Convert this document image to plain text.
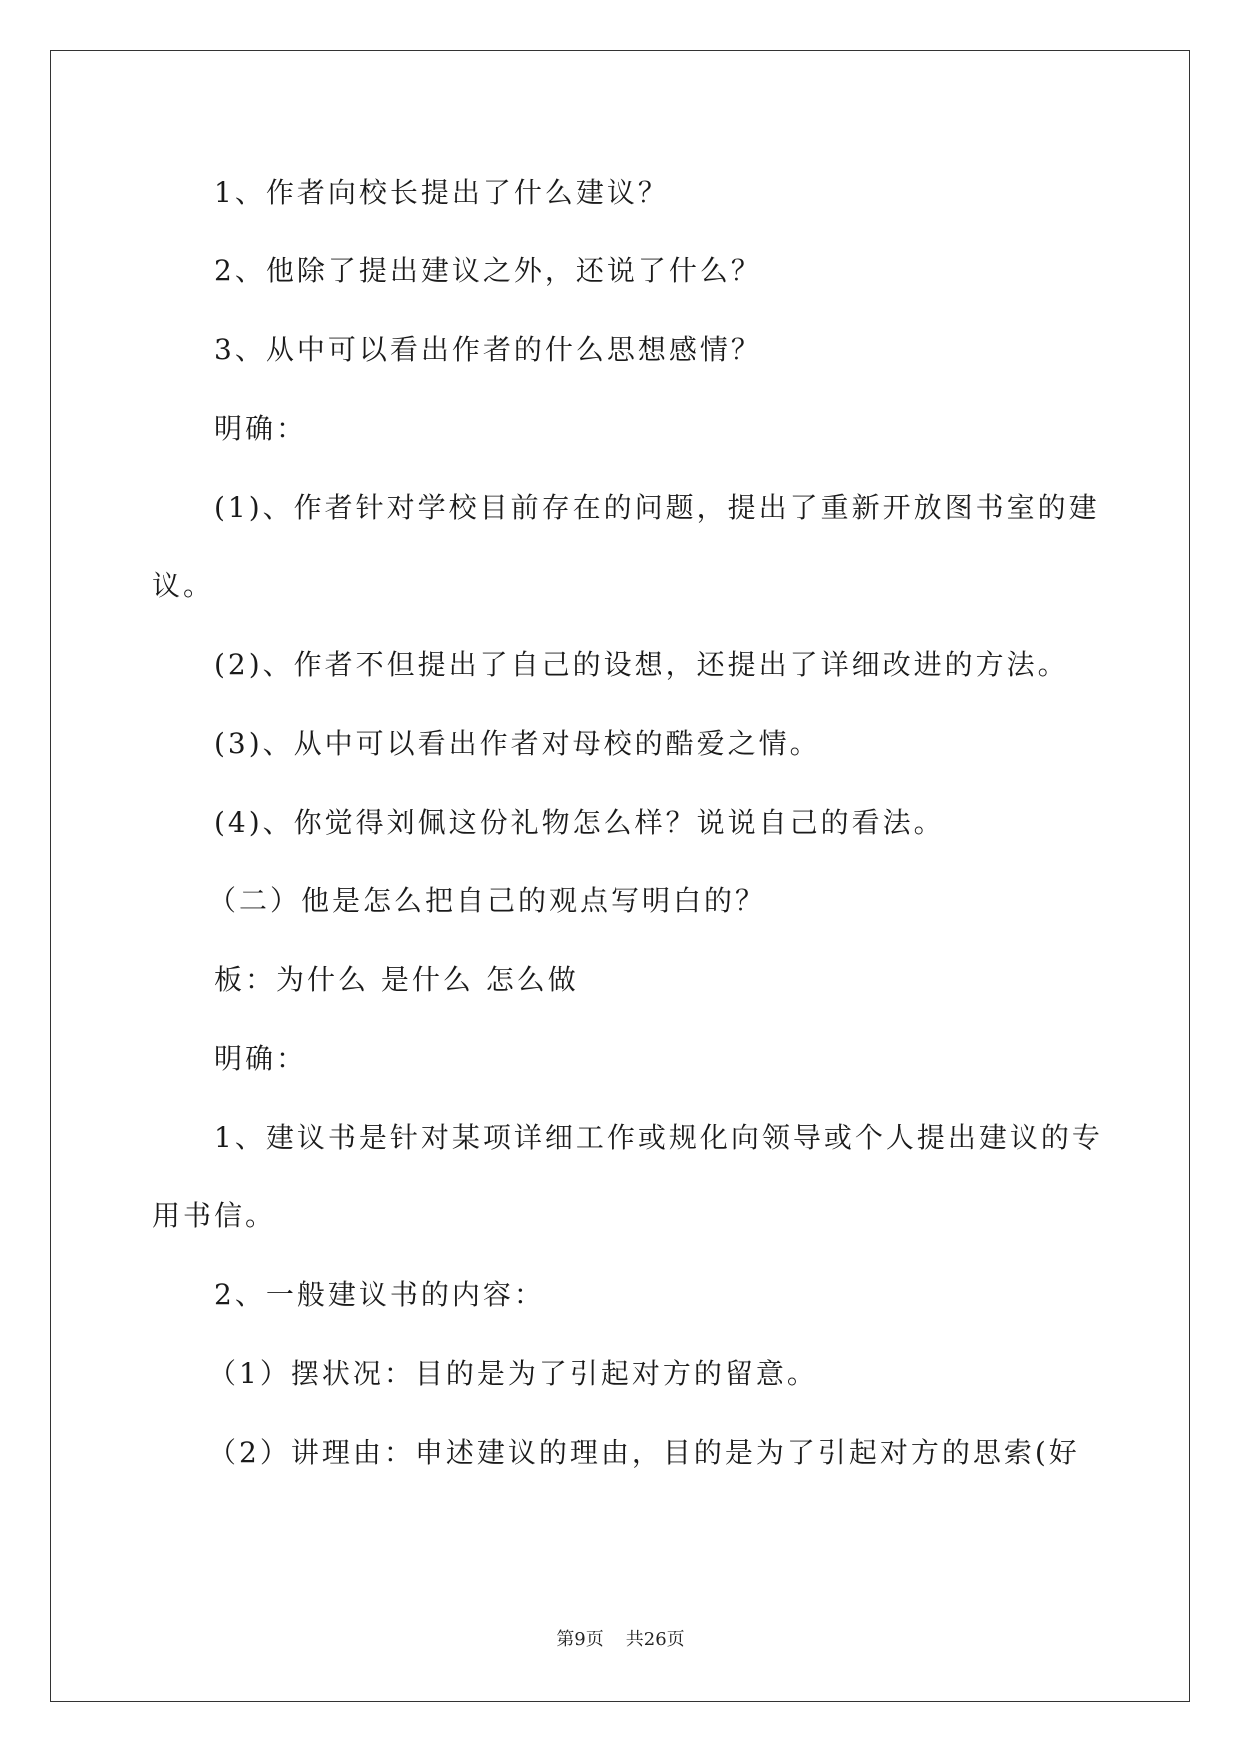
1、作者向校长提出了什么建议？
2、他除了提出建议之外，还说了什么？
3、从中可以看出作者的什么思想感情？
明确：
(1)、作者针对学校目前存在的问题，提出了重新开放图书室的建
议。
(2)、作者不但提出了自己的设想，还提出了详细改进的方法。
(3)、从中可以看出作者对母校的酷爱之情。
(4)、你觉得刘佩这份礼物怎么样？说说自己的看法。
（二）他是怎么把自己的观点写明白的？
板：为什么 是什么 怎么做
明确：
1、建议书是针对某项详细工作或规化向领导或个人提出建议的专
用书信。
2、一般建议书的内容：
（1）摆状况：目的是为了引起对方的留意。
（2）讲理由：申述建议的理由，目的是为了引起对方的思索(好
第9页 共26页
